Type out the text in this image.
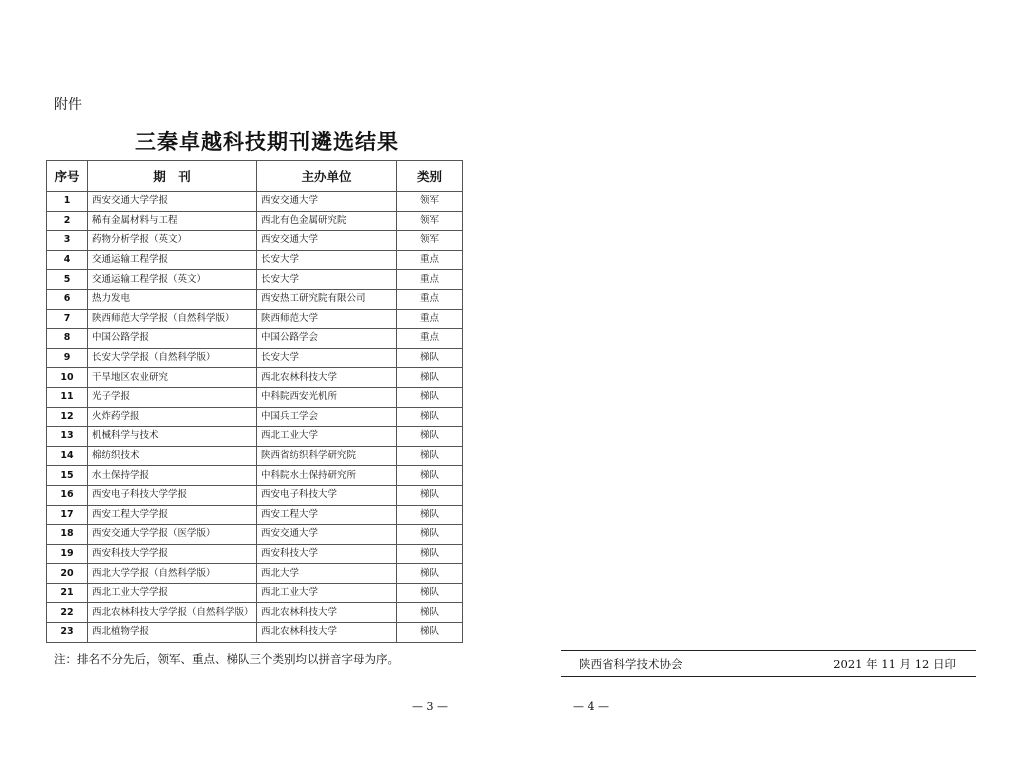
附件
三秦卓越科技期刊遴选结果
序号	期　刊	主办单位	类别
1	西安交通大学学报	西安交通大学	领军
2	稀有金属材料与工程	西北有色金属研究院	领军
3	药物分析学报（英文）	西安交通大学	领军
4	交通运输工程学报	长安大学	重点
5	交通运输工程学报（英文）	长安大学	重点
6	热力发电	西安热工研究院有限公司	重点
7	陕西师范大学学报（自然科学版）	陕西师范大学	重点
8	中国公路学报	中国公路学会	重点
9	长安大学学报（自然科学版）	长安大学	梯队
10	干旱地区农业研究	西北农林科技大学	梯队
11	光子学报	中科院西安光机所	梯队
12	火炸药学报	中国兵工学会	梯队
13	机械科学与技术	西北工业大学	梯队
14	棉纺织技术	陕西省纺织科学研究院	梯队
15	水土保持学报	中科院水土保持研究所	梯队
16	西安电子科技大学学报	西安电子科技大学	梯队
17	西安工程大学学报	西安工程大学	梯队
18	西安交通大学学报（医学版）	西安交通大学	梯队
19	西安科技大学学报	西安科技大学	梯队
20	西北大学学报（自然科学版）	西北大学	梯队
21	西北工业大学学报	西北工业大学	梯队
22	西北农林科技大学学报（自然科学版）	西北农林科技大学	梯队
23	西北植物学报	西北农林科技大学	梯队
注：排名不分先后，领军、重点、梯队三个类别均以拼音字母为序。
— 3 —
陕西省科学技术协会	2021 年 11 月 12 日印
— 4 —
